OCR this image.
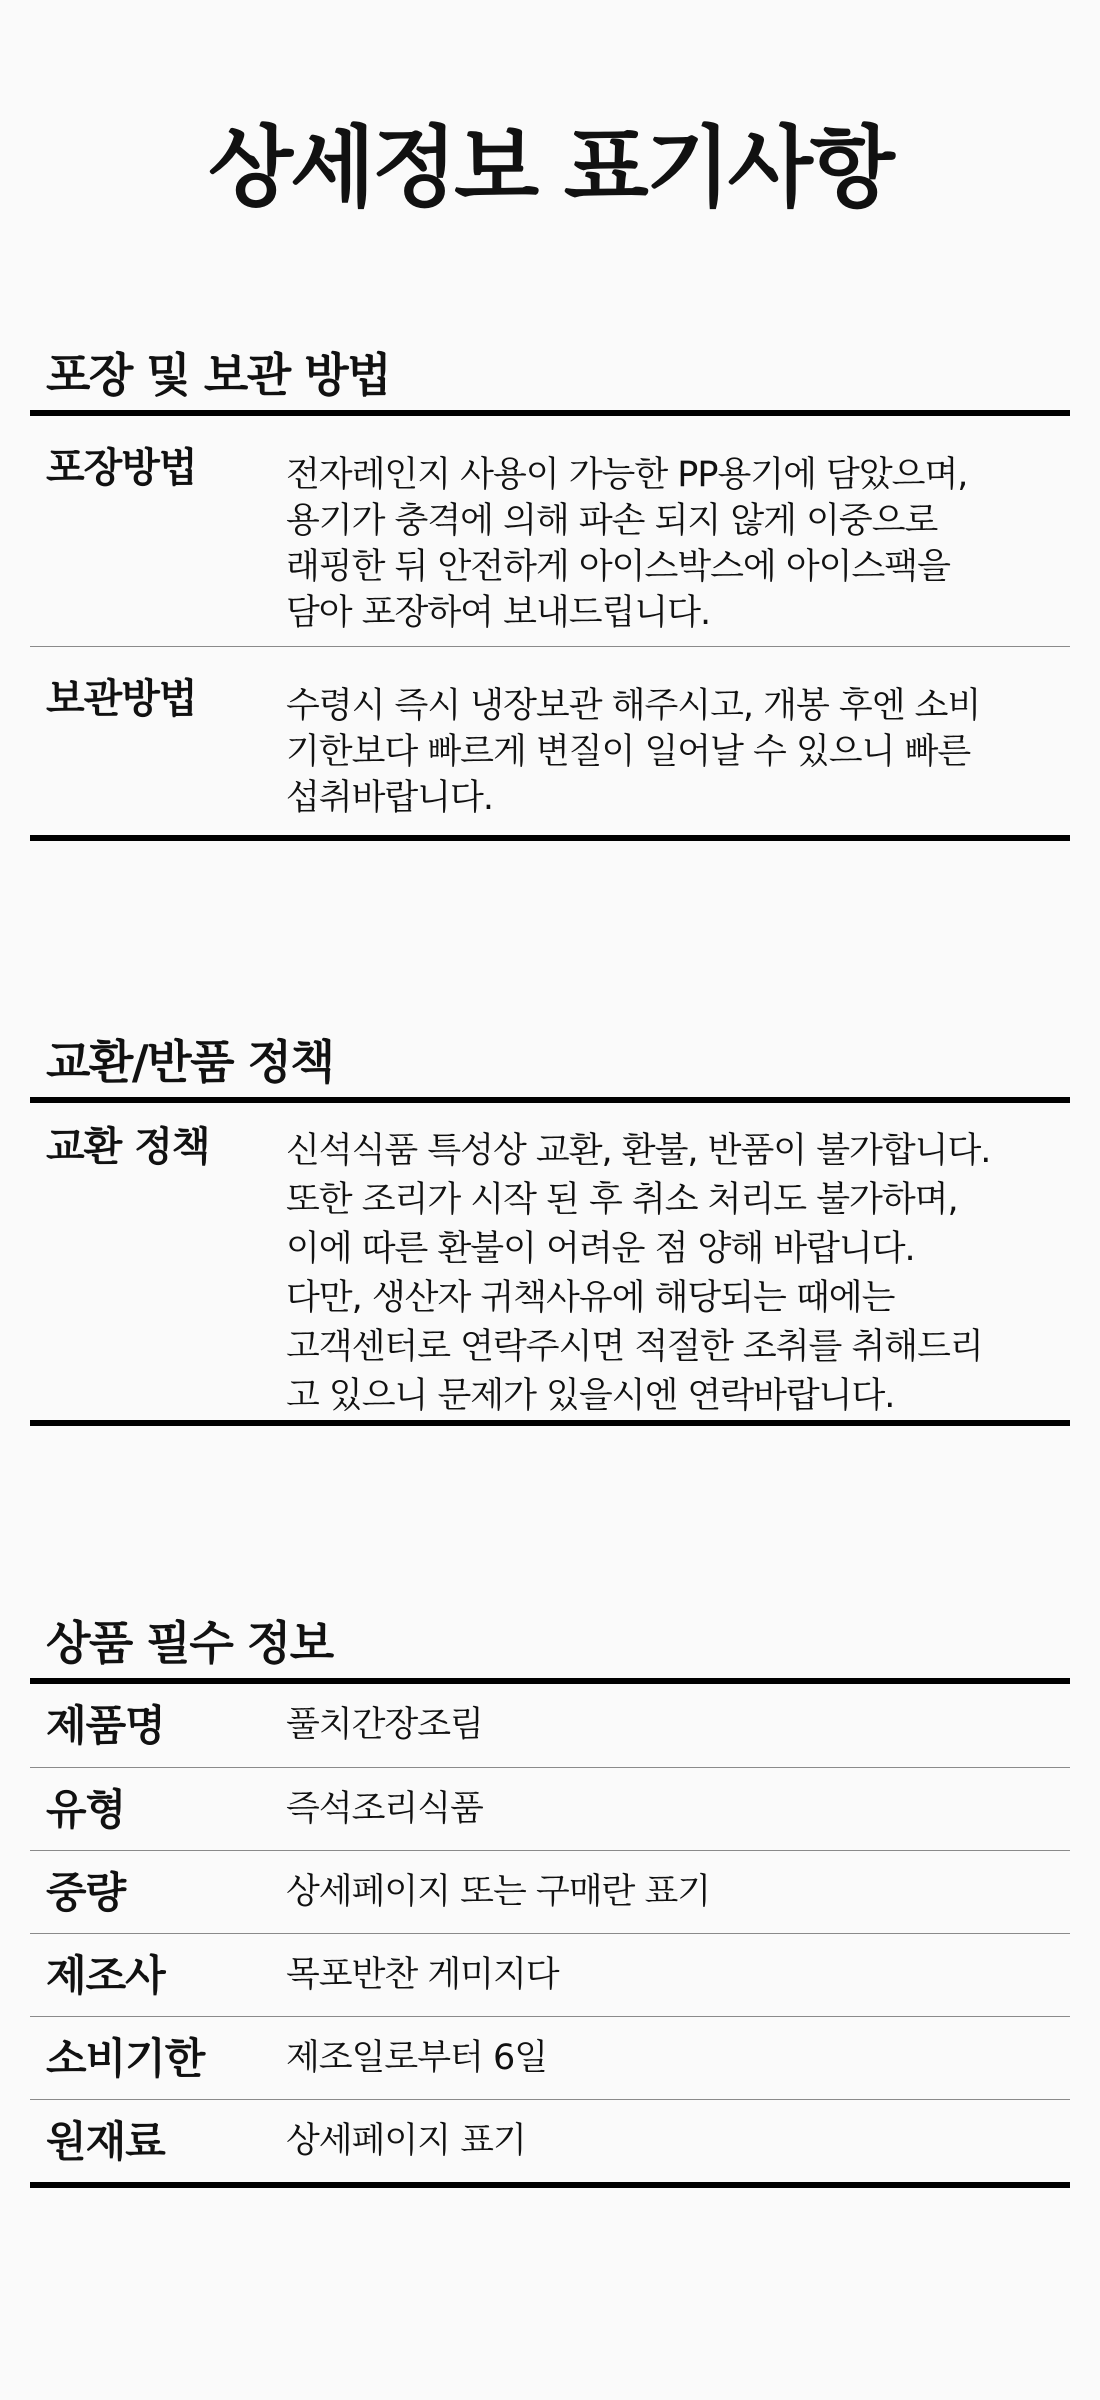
상세정보 표기사항
포장 및 보관 방법
포장방법	전자레인지 사용이 가능한 PP용기에 담았으며,
용기가 충격에 의해 파손 되지 않게 이중으로
래핑한 뒤 안전하게 아이스박스에 아이스팩을
담아 포장하여 보내드립니다.
보관방법	수령시 즉시 냉장보관 해주시고, 개봉 후엔 소비
기한보다 빠르게 변질이 일어날 수 있으니 빠른
섭취바랍니다.
교환/반품 정책
교환 정책	신석식품 특성상 교환, 환불, 반품이 불가합니다.
또한 조리가 시작 된 후 취소 처리도 불가하며,
이에 따른 환불이 어려운 점 양해 바랍니다.
다만, 생산자 귀책사유에 해당되는 때에는
고객센터로 연락주시면 적절한 조취를 취해드리
고 있으니 문제가 있을시엔 연락바랍니다.
상품 필수 정보
제품명	풀치간장조림
유형	즉석조리식품
중량	상세페이지 또는 구매란 표기
제조사	목포반찬 게미지다
소비기한	제조일로부터 6일
원재료	상세페이지 표기
